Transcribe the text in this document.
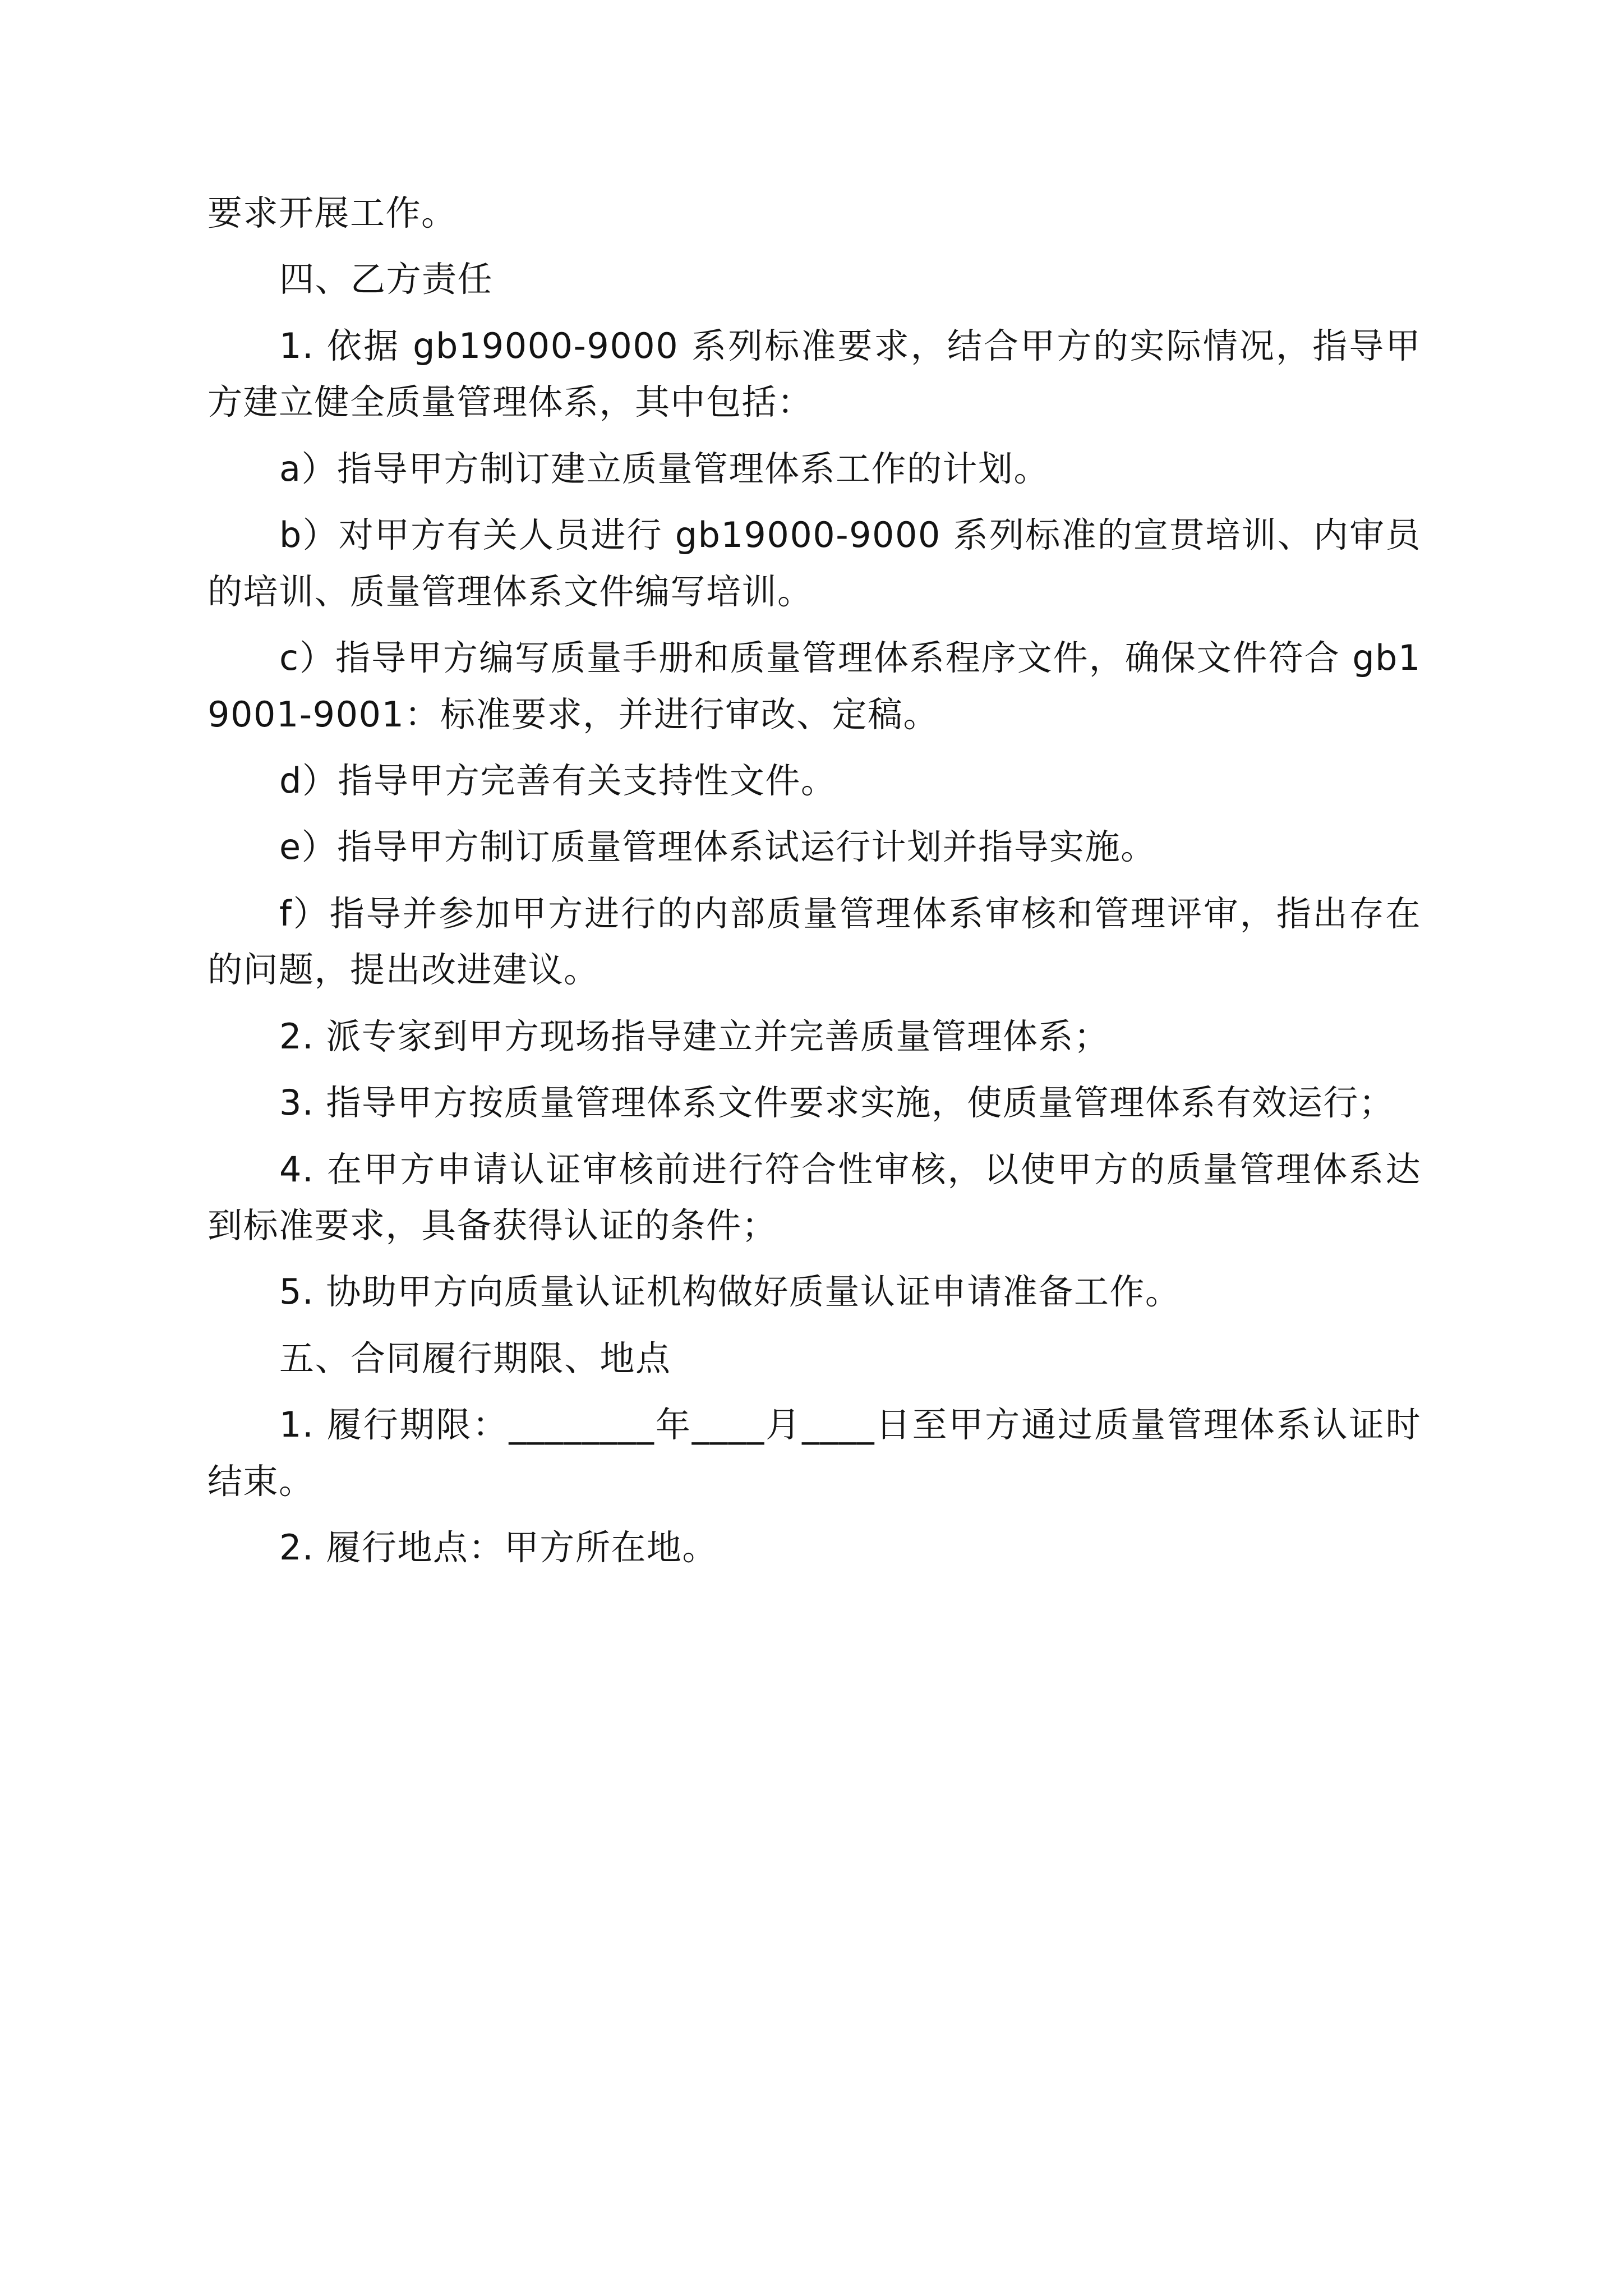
要求开展工作。

四、乙方责任

1. 依据 gb19000-9000 系列标准要求，结合甲方的实际情况，指导甲方建立健全质量管理体系，其中包括：

a）指导甲方制订建立质量管理体系工作的计划。

b）对甲方有关人员进行 gb19000-9000 系列标准的宣贯培训、内审员的培训、质量管理体系文件编写培训。

c）指导甲方编写质量手册和质量管理体系程序文件，确保文件符合 gb19001-9001：标准要求，并进行审改、定稿。

d）指导甲方完善有关支持性文件。

e）指导甲方制订质量管理体系试运行计划并指导实施。

f）指导并参加甲方进行的内部质量管理体系审核和管理评审，指出存在的问题，提出改进建议。

2. 派专家到甲方现场指导建立并完善质量管理体系；

3. 指导甲方按质量管理体系文件要求实施，使质量管理体系有效运行；

4. 在甲方申请认证审核前进行符合性审核，以使甲方的质量管理体系达到标准要求，具备获得认证的条件；

5. 协助甲方向质量认证机构做好质量认证申请准备工作。

五、合同履行期限、地点

1. 履行期限：________年____月____日至甲方通过质量管理体系认证时结束。

2. 履行地点：甲方所在地。
